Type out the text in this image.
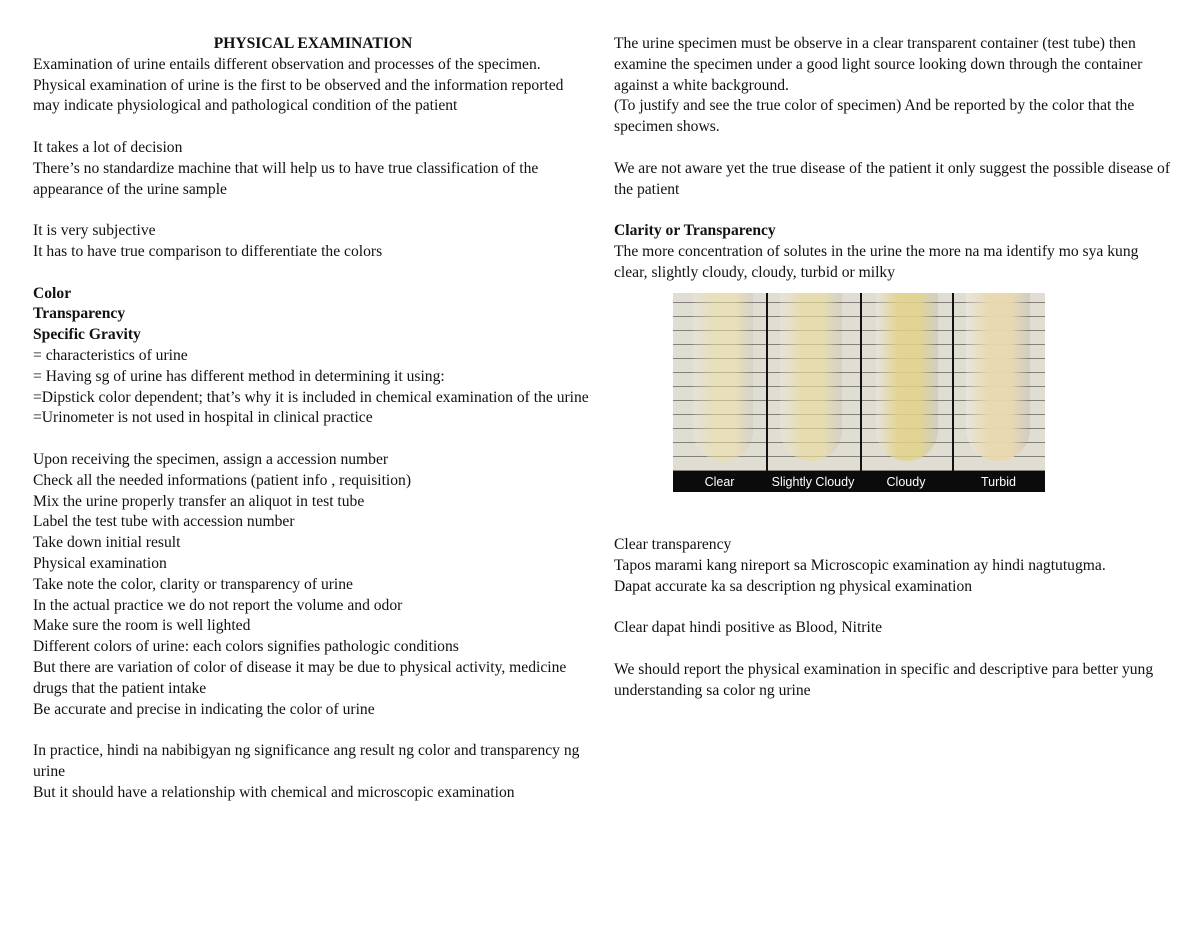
PHYSICAL EXAMINATION
Examination of urine entails different observation and processes of the specimen. Physical examination of urine is the first to be observed and the information reported may indicate physiological and pathological condition of the patient
It takes a lot of decision
There’s no standardize machine that will help us to have true classification of the appearance of the urine sample
It is very subjective
It has to have true comparison to differentiate the colors
Color
Transparency
Specific Gravity
= characteristics of urine
= Having sg of urine has different method in determining it using:
=Dipstick color dependent; that’s why it is included in chemical examination of the urine
=Urinometer is not used in hospital in clinical practice
Upon receiving the specimen, assign a accession number
Check all the needed informations (patient info , requisition)
Mix the urine properly transfer an aliquot in test tube
Label the test tube with accession number
Take down initial result
Physical examination
Take note the color, clarity or transparency of urine
In the actual practice we do not report the volume and odor
Make sure the room is well lighted
Different colors of urine: each colors signifies pathologic conditions
But there are variation of color of disease it may be due to physical activity, medicine drugs that the patient intake
Be accurate and precise in indicating the color of urine
In practice, hindi na nabibigyan ng significance ang result ng color and transparency ng urine
But it should have a relationship with chemical and microscopic examination
The urine specimen must be observe in a clear transparent container (test tube) then examine the specimen under a good light source looking down through the container against a white background.
(To justify and see the true color of specimen) And be reported by the color that the specimen shows.
We are not aware yet the true disease of the patient it only suggest the possible disease of the patient
Clarity or Transparency
The more concentration of solutes in the urine the more na ma identify mo sya kung clear, slightly cloudy, cloudy, turbid or milky
Clear	Slightly Cloudy	Cloudy	Turbid
Clear transparency
Tapos marami kang nireport sa Microscopic examination ay hindi nagtutugma.
Dapat accurate ka sa description ng physical examination
Clear dapat hindi positive as Blood, Nitrite
We should report the physical examination in specific and descriptive para better yung understanding sa color ng urine
